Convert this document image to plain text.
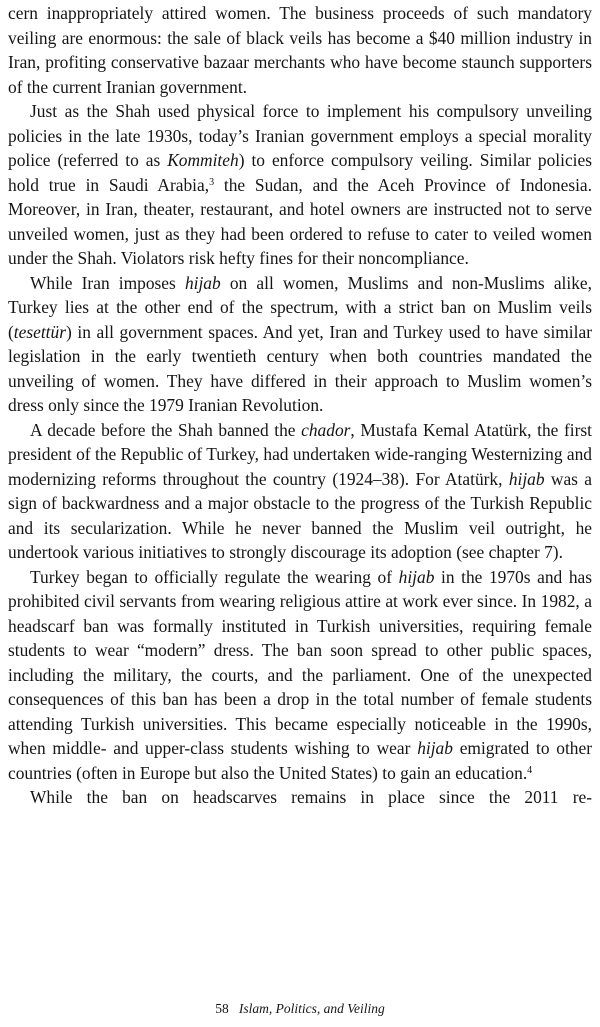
cern inappropriately attired women. The business proceeds of such mandatory veiling are enormous: the sale of black veils has become a $40 million industry in Iran, profiting conservative bazaar merchants who have become staunch supporters of the current Iranian government.

Just as the Shah used physical force to implement his compulsory unveiling policies in the late 1930s, today’s Iranian government employs a special morality police (referred to as Kommiteh) to enforce compulsory veiling. Similar policies hold true in Saudi Arabia,$^3$ the Sudan, and the Aceh Province of Indonesia. Moreover, in Iran, theater, restaurant, and hotel owners are instructed not to serve unveiled women, just as they had been ordered to refuse to cater to veiled women under the Shah. Violators risk hefty fines for their noncompliance.

While Iran imposes hijab on all women, Muslims and non-Muslims alike, Turkey lies at the other end of the spectrum, with a strict ban on Muslim veils (tesettür) in all government spaces. And yet, Iran and Turkey used to have similar legislation in the early twentieth century when both countries mandated the unveiling of women. They have differed in their approach to Muslim women’s dress only since the 1979 Iranian Revolution.

A decade before the Shah banned the chador, Mustafa Kemal Atatürk, the first president of the Republic of Turkey, had undertaken wide-ranging Westernizing and modernizing reforms throughout the country (1924–38). For Atatürk, hijab was a sign of backwardness and a major obstacle to the progress of the Turkish Republic and its secularization. While he never banned the Muslim veil outright, he undertook various initiatives to strongly discourage its adoption (see chapter 7).

Turkey began to officially regulate the wearing of hijab in the 1970s and has prohibited civil servants from wearing religious attire at work ever since. In 1982, a headscarf ban was formally instituted in Turkish universities, requiring female students to wear “modern” dress. The ban soon spread to other public spaces, including the military, the courts, and the parliament. One of the unexpected consequences of this ban has been a drop in the total number of female students attending Turkish universities. This became especially noticeable in the 1990s, when middle- and upper-class students wishing to wear hijab emigrated to other countries (often in Europe but also the United States) to gain an education.$^4$

While the ban on headscarves remains in place since the 2011 re-

58 Islam, Politics, and Veiling
